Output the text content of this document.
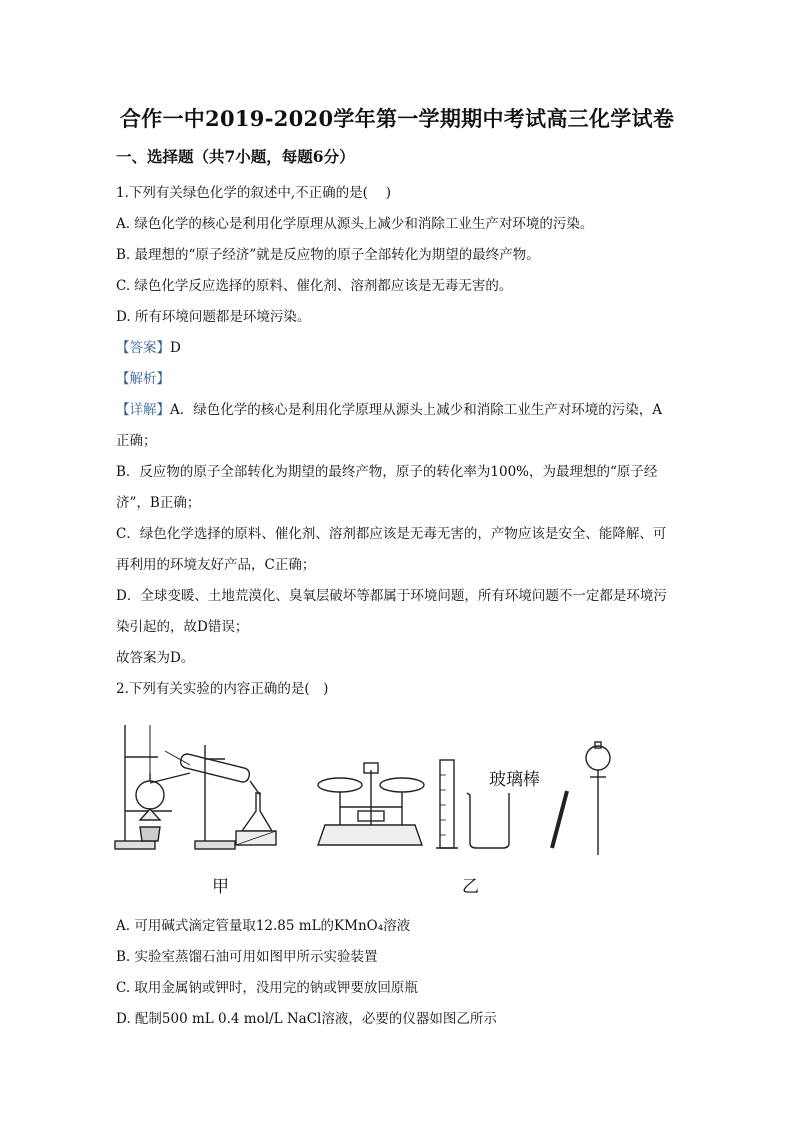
合作一中2019-2020学年第一学期期中考试高三化学试卷
一、选择题（共7小题，每题6分）
1.下列有关绿色化学的叙述中,不正确的是(　 )
A. 绿色化学的核心是利用化学原理从源头上减少和消除工业生产对环境的污染。
B. 最理想的“原子经济”就是反应物的原子全部转化为期望的最终产物。
C. 绿色化学反应选择的原料、催化剂、溶剂都应该是无毒无害的。
D. 所有环境问题都是环境污染。
【答案】D
【解析】
【详解】A．绿色化学的核心是利用化学原理从源头上减少和消除工业生产对环境的污染，A
正确；
B．反应物的原子全部转化为期望的最终产物，原子的转化率为100%，为最理想的“原子经
济”，B正确；
C．绿色化学选择的原料、催化剂、溶剂都应该是无毒无害的，产物应该是安全、能降解、可
再利用的环境友好产品，C正确；
D．全球变暖、土地荒漠化、臭氧层破坏等都属于环境问题，所有环境问题不一定都是环境污
染引起的，故D错误；
故答案为D。
2.下列有关实验的内容正确的是(　)
玻璃棒
甲	乙
A. 可用碱式滴定管量取12.85 mL的KMnO₄溶液
B. 实验室蒸馏石油可用如图甲所示实验装置
C. 取用金属钠或钾时，没用完的钠或钾要放回原瓶
D. 配制500 mL 0.4 mol/L NaCl溶液，必要的仪器如图乙所示
